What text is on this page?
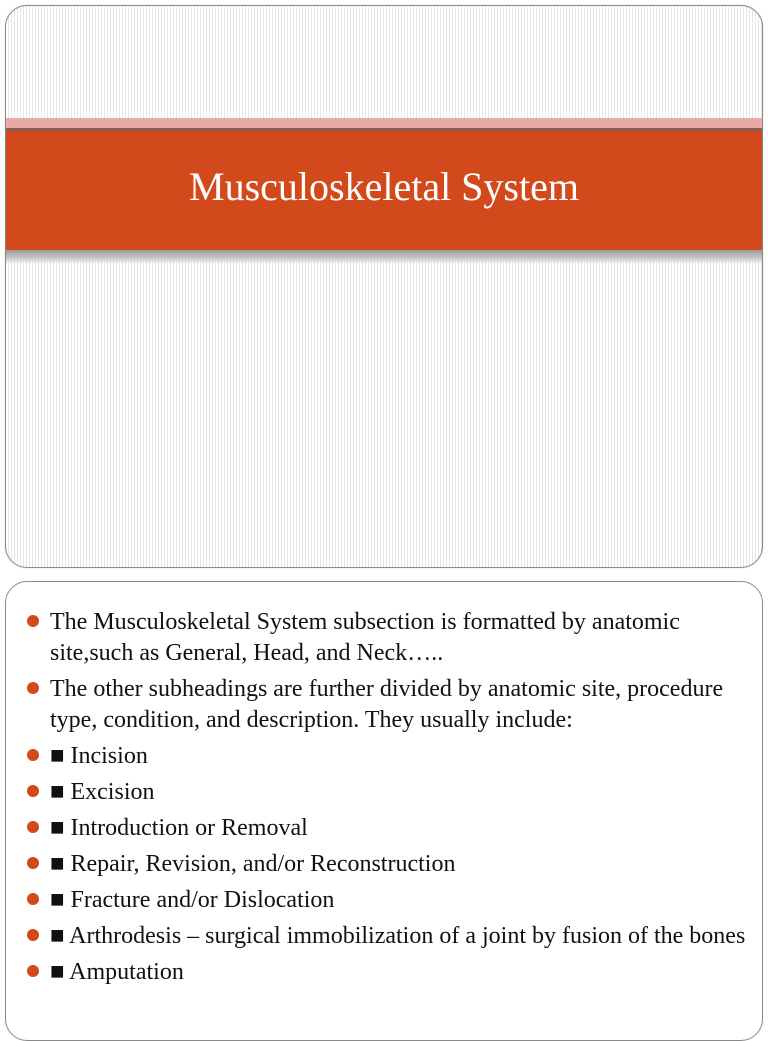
Musculoskeletal System
The Musculoskeletal System subsection is formatted by anatomic site,such as General, Head, and Neck…..
The other subheadings are further divided by anatomic site, procedure type, condition, and description. They usually include:
■ Incision
■ Excision
■ Introduction or Removal
■ Repair, Revision, and/or Reconstruction
■ Fracture and/or Dislocation
■ Arthrodesis – surgical immobilization of a joint by fusion of the bones
■ Amputation
